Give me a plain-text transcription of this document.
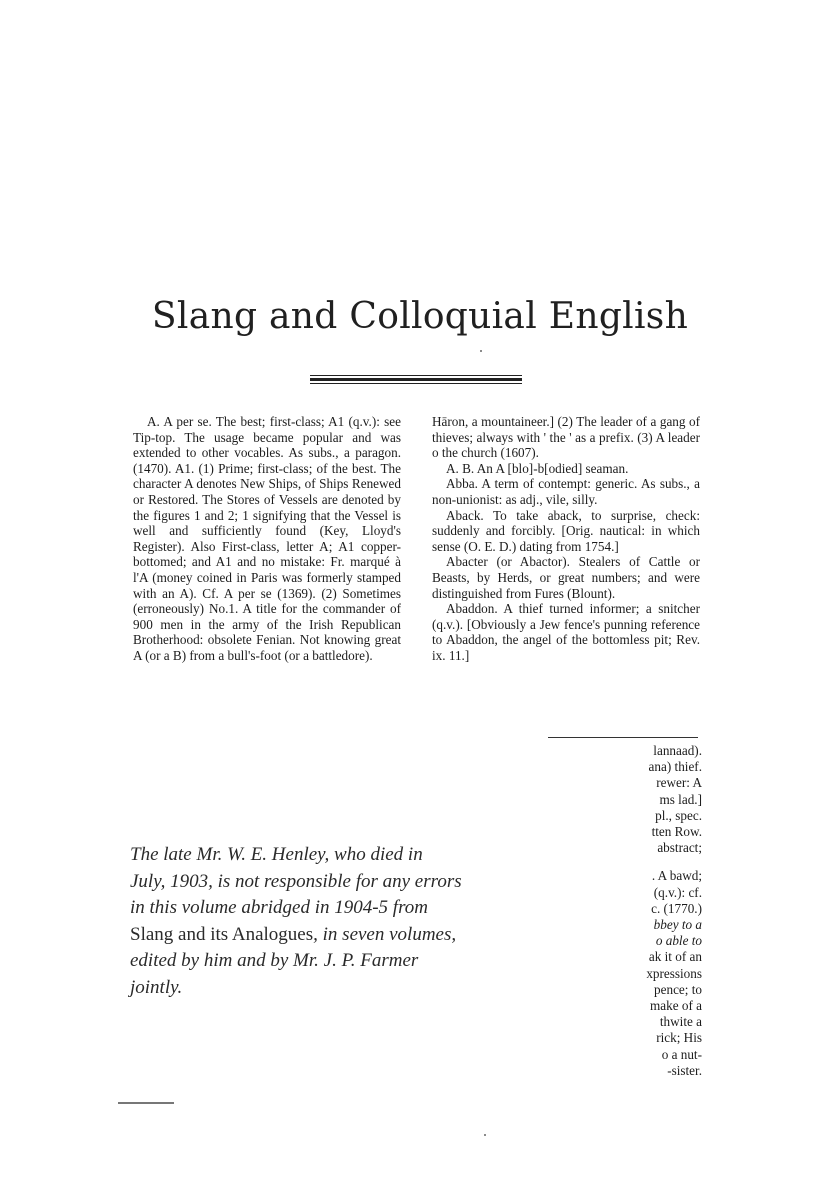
Slang and Colloquial English

A. A per se. The best; first-class; A1 (q.v.): see Tip-top. The usage became popular and was extended to other vocables. As subs., a paragon. (1470). A1. (1) Prime; first-class; of the best. The character A denotes New Ships, of Ships Renewed or Restored. The Stores of Vessels are denoted by the figures 1 and 2; 1 signifying that the Vessel is well and sufficiently found (Key, Lloyd's Register). Also First-class, letter A; A1 copper-bottomed; and A1 and no mistake: Fr. marqué à l'A (money coined in Paris was formerly stamped with an A). Cf. A per se (1369). (2) Sometimes (erroneously) No.1. A title for the commander of 900 men in the army of the Irish Republican Brotherhood: obsolete Fenian. Not knowing great A (or a B) from a bull's-foot (or a battledore).

Hāron, a mountaineer.] (2) The leader of a gang of thieves; always with ' the ' as a prefix. (3) A leader o the church (1607).

A. B. An A [blo]-b[odied] seaman.

Abba. A term of contempt: generic. As subs., a non-unionist: as adj., vile, silly.

Aback. To take aback, to surprise, check: suddenly and forcibly. [Orig. nautical: in which sense (O. E. D.) dating from 1754.]

Abacter (or Abactor). Stealers of Cattle or Beasts, by Herds, or great numbers; and were distinguished from Fures (Blount).

Abaddon. A thief turned informer; a snitcher (q.v.). [Obviously a Jew fence's punning reference to Abaddon, the angel of the bottomless pit; Rev. ix. 11.]

lannaad).
ana) thief.
rewer: A
ms lad.]
pl., spec.
tten Row.
abstract;
. A bawd;
(q.v.): cf.
c. (1770.)
bbey to a
o able to
ak it of an
xpressions
pence; to
make of a
thwite a
rick; His
o a nut-
-sister.
The late Mr. W. E. Henley, who died in
July, 1903, is not responsible for any errors
in this volume abridged in 1904-5 from
Slang and its Analogues, in seven volumes,
edited by him and by Mr. J. P. Farmer
jointly.
